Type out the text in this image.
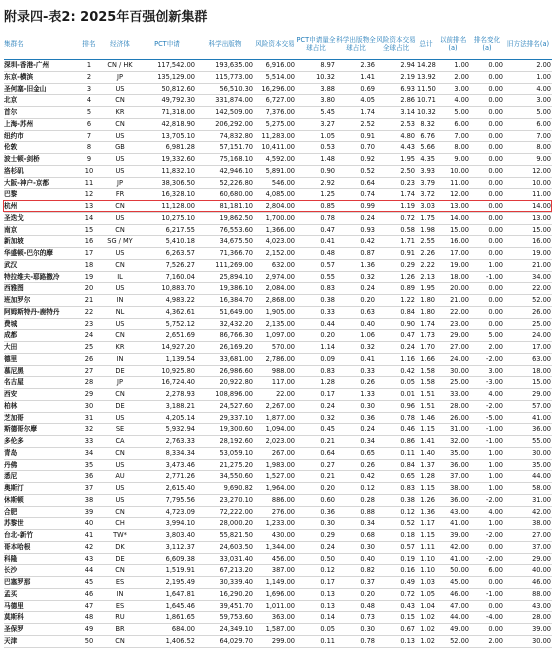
附录四-表2: 2025年百强创新集群
集群名	排名	经济体	PCT申请	科学出版物	风险资本交易	PCT申请量全球占比	科学出版物全球占比	风险资本交易全球占比	总计	以前排名(a)	排名变化(a)	旧方法排名(a)
深圳-香港-广州	1	CN / HK	117,542.00	193,635.00	6,916.00	8.97	2.36	2.94	14.28	1.00	0.00	2.00
东京-横滨	2	JP	135,129.00	115,773.00	5,514.00	10.32	1.41	2.19	13.92	2.00	0.00	1.00
圣何塞-旧金山	3	US	50,812.60	56,510.30	16,296.00	3.88	0.69	6.93	11.50	3.00	0.00	4.00
北京	4	CN	49,792.30	331,874.00	6,727.00	3.80	4.05	2.86	10.71	4.00	0.00	3.00
首尔	5	KR	71,318.00	142,509.00	7,376.00	5.45	1.74	3.14	10.32	5.00	0.00	5.00
上海-苏州	6	CN	42,818.90	206,292.00	5,275.00	3.27	2.52	2.53	8.32	6.00	0.00	6.00
纽约市	7	US	13,705.10	74,832.80	11,283.00	1.05	0.91	4.80	6.76	7.00	0.00	7.00
伦敦	8	GB	6,981.28	57,151.70	10,411.00	0.53	0.70	4.43	5.66	8.00	0.00	8.00
波士顿-剑桥	9	US	19,332.60	75,168.10	4,592.00	1.48	0.92	1.95	4.35	9.00	0.00	9.00
洛杉矶	10	US	11,832.10	42,946.10	5,891.00	0.90	0.52	2.50	3.93	10.00	0.00	12.00
大阪-神户-京都	11	JP	38,306.50	52,226.80	546.00	2.92	0.64	0.23	3.79	11.00	0.00	10.00
巴黎	12	FR	16,328.10	60,680.00	4,085.00	1.25	0.74	1.74	3.72	12.00	0.00	11.00
杭州	13	CN	11,128.00	81,181.10	2,804.00	0.85	0.99	1.19	3.03	13.00	0.00	14.00
圣迭戈	14	US	10,275.10	19,862.50	1,700.00	0.78	0.24	0.72	1.75	14.00	0.00	13.00
南京	15	CN	6,217.55	76,553.60	1,366.00	0.47	0.93	0.58	1.98	15.00	0.00	15.00
新加坡	16	SG / MY	5,410.18	34,675.50	4,023.00	0.41	0.42	1.71	2.55	16.00	0.00	16.00
华盛顿-巴尔的摩	17	US	6,263.57	71,366.70	2,152.00	0.48	0.87	0.91	2.26	17.00	0.00	19.00
武汉	18	CN	7,526.27	111,269.00	632.00	0.57	1.36	0.29	2.22	19.00	1.00	21.00
特拉维夫-耶路撒冷	19	IL	7,160.04	25,894.10	2,974.00	0.55	0.32	1.26	2.13	18.00	-1.00	34.00
西雅图	20	US	10,883.70	19,386.10	2,084.00	0.83	0.24	0.89	1.95	20.00	0.00	22.00
班加罗尔	21	IN	4,983.22	16,384.70	2,868.00	0.38	0.20	1.22	1.80	21.00	0.00	52.00
阿姆斯特丹-鹿特丹	22	NL	4,362.61	51,649.00	1,905.00	0.33	0.63	0.84	1.80	22.00	0.00	26.00
费城	23	US	5,752.12	32,432.20	2,135.00	0.44	0.40	0.90	1.74	23.00	0.00	25.00
成都	24	CN	2,651.69	86,766.30	1,097.00	0.20	1.06	0.47	1.73	29.00	5.00	24.00
大田	25	KR	14,927.20	26,169.20	570.00	1.14	0.32	0.24	1.70	27.00	2.00	17.00
德里	26	IN	1,139.54	33,681.00	2,786.00	0.09	0.41	1.16	1.66	24.00	-2.00	63.00
慕尼黑	27	DE	10,925.80	26,986.60	988.00	0.83	0.33	0.42	1.58	30.00	3.00	18.00
名古屋	28	JP	16,724.40	20,922.80	117.00	1.28	0.26	0.05	1.58	25.00	-3.00	15.00
西安	29	CN	2,278.93	108,896.00	22.00	0.17	1.33	0.01	1.51	33.00	4.00	29.00
柏林	30	DE	3,188.21	24,527.60	2,267.00	0.24	0.30	0.96	1.51	28.00	-2.00	57.00
芝加哥	31	US	4,205.14	29,337.10	1,877.00	0.32	0.36	0.78	1.46	26.00	-5.00	41.00
斯德哥尔摩	32	SE	5,932.94	19,300.60	1,094.00	0.45	0.24	0.46	1.15	31.00	-1.00	36.00
多伦多	33	CA	2,763.33	28,192.60	2,023.00	0.21	0.34	0.86	1.41	32.00	-1.00	55.00
青岛	34	CN	8,334.34	53,059.10	267.00	0.64	0.65	0.11	1.40	35.00	1.00	30.00
丹佛	35	US	3,473.46	21,275.20	1,983.00	0.27	0.26	0.84	1.37	36.00	1.00	35.00
悉尼	36	AU	2,771.26	34,550.60	1,527.00	0.21	0.42	0.65	1.28	37.00	1.00	44.00
奥斯汀	37	US	2,615.40	9,690.82	1,964.00	0.20	0.12	0.83	1.15	38.00	1.00	58.00
休斯顿	38	US	7,795.56	23,270.10	886.00	0.60	0.28	0.38	1.26	36.00	-2.00	31.00
合肥	39	CN	4,723.09	72,222.00	276.00	0.36	0.88	0.12	1.36	43.00	4.00	42.00
苏黎世	40	CH	3,994.10	28,000.20	1,233.00	0.30	0.34	0.52	1.17	41.00	1.00	38.00
台北-新竹	41	TW*	3,803.40	55,821.50	430.00	0.29	0.68	0.18	1.15	39.00	-2.00	27.00
哥本哈根	42	DK	3,112.37	24,603.50	1,344.00	0.24	0.30	0.57	1.11	42.00	0.00	37.00
科隆	43	DE	6,609.38	33,031.40	456.00	0.50	0.40	0.19	1.10	41.00	-2.00	29.00
长沙	44	CN	1,519.91	67,213.20	387.00	0.12	0.82	0.16	1.10	50.00	6.00	40.00
巴塞罗那	45	ES	2,195.49	30,339.40	1,149.00	0.17	0.37	0.49	1.03	45.00	0.00	46.00
孟买	46	IN	1,647.81	16,290.20	1,696.00	0.13	0.20	0.72	1.05	46.00	-1.00	88.00
马德里	47	ES	1,645.46	39,451.70	1,011.00	0.13	0.48	0.43	1.04	47.00	0.00	43.00
莫斯科	48	RU	1,861.65	59,753.60	363.00	0.14	0.73	0.15	1.02	44.00	-4.00	28.00
圣保罗	49	BR	684.00	24,349.10	1,587.00	0.05	0.30	0.67	1.02	49.00	0.00	39.00
天津	50	CN	1,406.52	64,029.70	299.00	0.11	0.78	0.13	1.02	52.00	2.00	30.00
